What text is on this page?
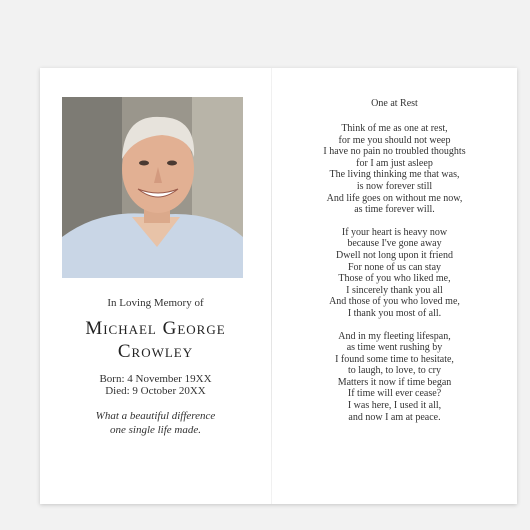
In Loving Memory of
Michael George
Crowley
Born: 4 November 19XX
Died: 9 October 20XX
What a beautiful difference
one single life made.
One at Rest
Think of me as one at rest,
for me you should not weep
I have no pain no troubled thoughts
for I am just asleep
The living thinking me that was,
is now forever still
And life goes on without me now,
as time forever will.
If your heart is heavy now
because I've gone away
Dwell not long upon it friend
For none of us can stay
Those of you who liked me,
I sincerely thank you all
And those of you who loved me,
I thank you most of all.
And in my fleeting lifespan,
as time went rushing by
I found some time to hesitate,
to laugh, to love, to cry
Matters it now if time began
If time will ever cease?
I was here, I used it all,
and now I am at peace.
